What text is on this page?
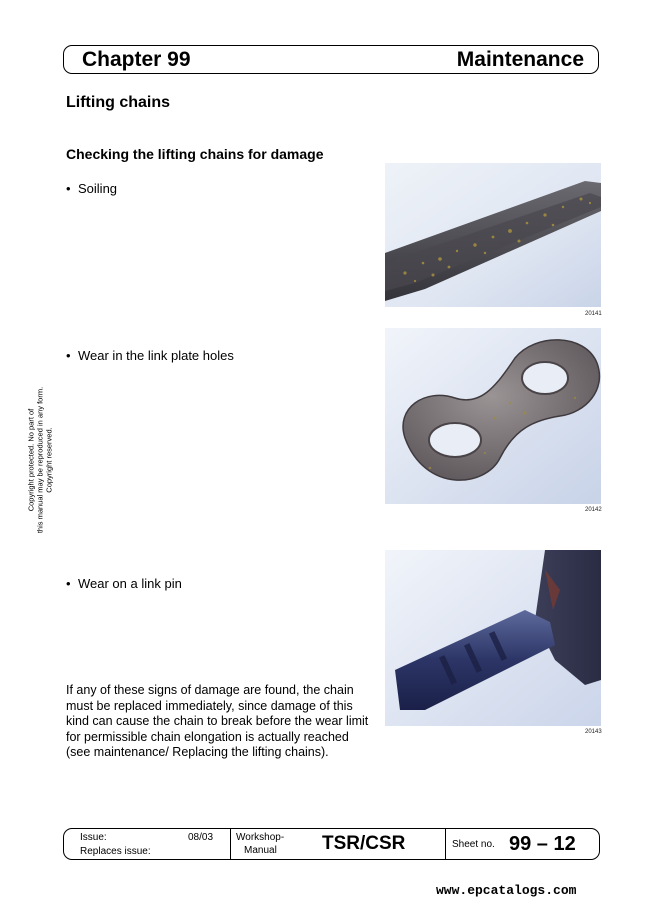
Chapter 99	Maintenance
Lifting chains
Checking the lifting chains for damage
• Soiling
• Wear in the link plate holes
• Wear on a link pin
20141
20142
20143
If any of these signs of damage are found, the chain must be replaced immediately, since damage of this kind can cause the chain to break before the wear limit for permissible chain elongation is actually reached (see maintenance/ Replacing the lifting chains).
Copyright protected. No part of this manual may be reproduced in any form. Copyright reserved.
Issue:	08/03
Replaces issue:
Workshop-
Manual TSR/CSR	Sheet no. 99 – 12
www.epcatalogs.com
